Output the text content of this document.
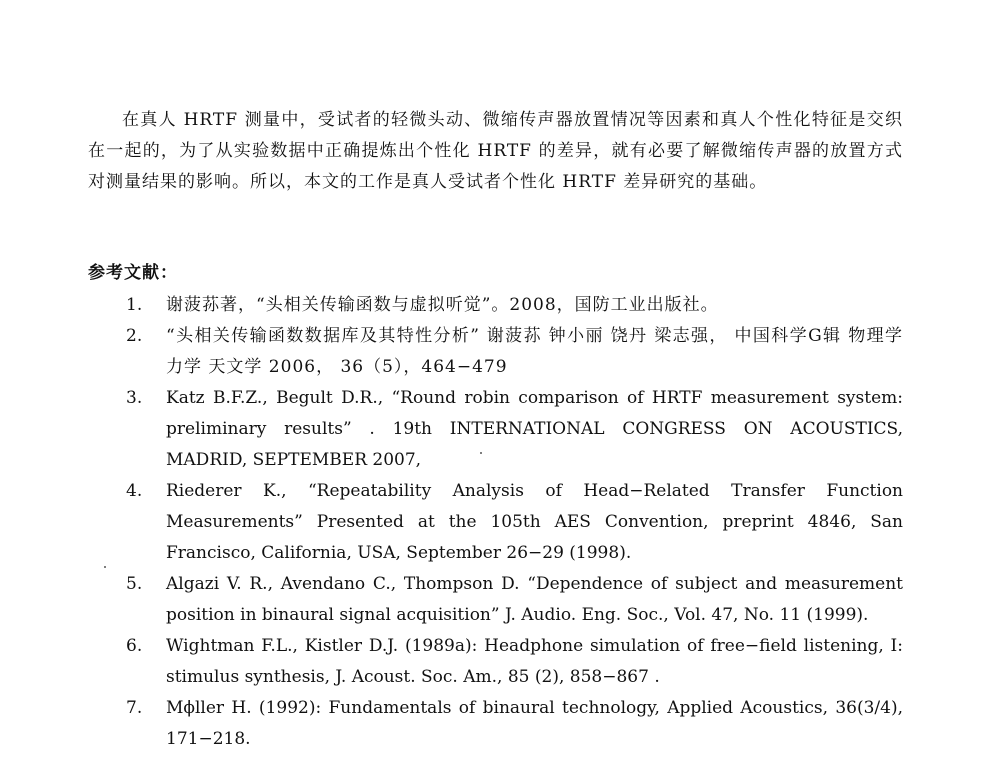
在真人 HRTF 测量中，受试者的轻微头动、微缩传声器放置情况等因素和真人个性化特征是交织在一起的，为了从实验数据中正确提炼出个性化 HRTF 的差异，就有必要了解微缩传声器的放置方式对测量结果的影响。所以，本文的工作是真人受试者个性化 HRTF 差异研究的基础。

参考文献：

1.	谢菠荪著，“头相关传输函数与虚拟听觉”。2008，国防工业出版社。
2.	“头相关传输函数数据库及其特性分析” 谢菠荪 钟小丽 饶丹 梁志强， 中国科学G辑 物理学 力学 天文学 2006， 36（5），464−479
3.	Katz B.F.Z., Begult D.R., “Round robin comparison of HRTF measurement system: preliminary results” . 19th INTERNATIONAL CONGRESS ON ACOUSTICS, MADRID, SEPTEMBER 2007,
4.	Riederer K., “Repeatability Analysis of Head−Related Transfer Function Measurements” Presented at the 105th AES Convention, preprint 4846, San Francisco, California, USA, September 26−29 (1998).
5.	Algazi V. R., Avendano C., Thompson D. “Dependence of subject and measurement position in binaural signal acquisition” J. Audio. Eng. Soc., Vol. 47, No. 11 (1999).
6.	Wightman F.L., Kistler D.J. (1989a): Headphone simulation of free−field listening, I: stimulus synthesis, J. Acoust. Soc. Am., 85 (2), 858−867 .
7.	Mϕller H. (1992): Fundamentals of binaural technology, Applied Acoustics, 36(3/4), 171−218.
